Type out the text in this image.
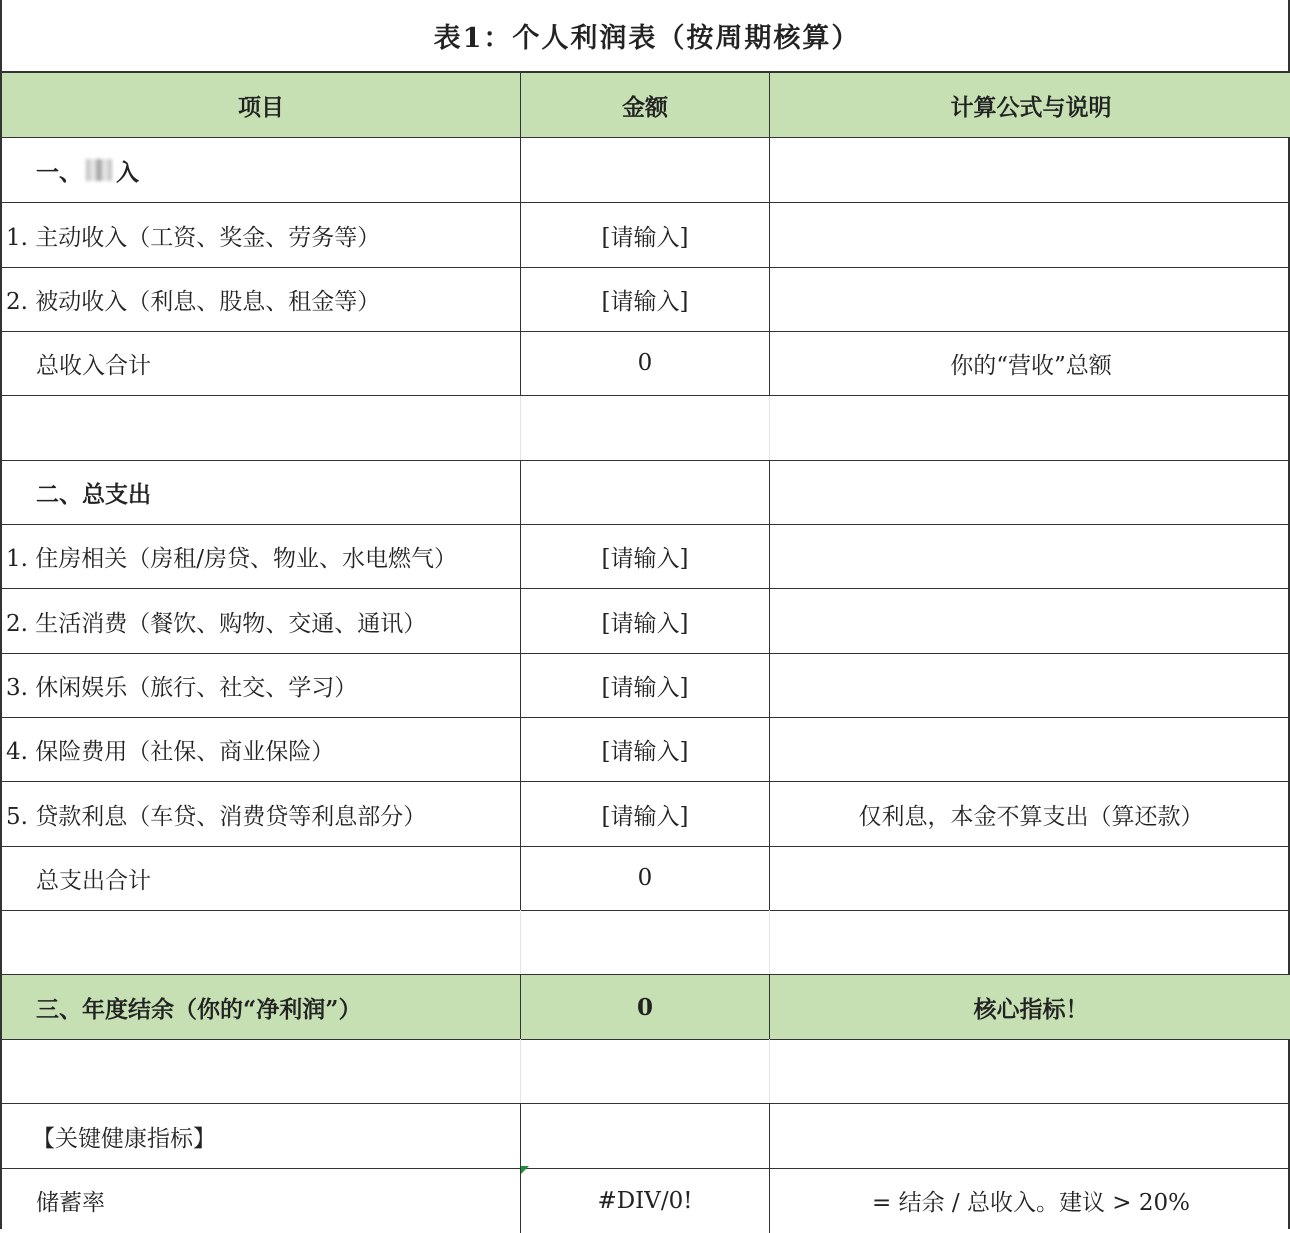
表1：个人利润表（按周期核算）
项目	金额	计算公式与说明
一、 入
1. 主动收入（工资、奖金、劳务等）	[请输入]
2. 被动收入（利息、股息、租金等）	[请输入]
总收入合计	0	你的“营收”总额
二、总支出
1. 住房相关（房租/房贷、物业、水电燃气）	[请输入]
2. 生活消费（餐饮、购物、交通、通讯）	[请输入]
3. 休闲娱乐（旅行、社交、学习）	[请输入]
4. 保险费用（社保、商业保险）	[请输入]
5. 贷款利息（车贷、消费贷等利息部分）	[请输入]	仅利息，本金不算支出（算还款）
总支出合计	0
三、年度结余（你的“净利润”）	0	核心指标！
【关键健康指标】
储蓄率	#DIV/0!	= 结余 / 总收入。建议 > 20%
